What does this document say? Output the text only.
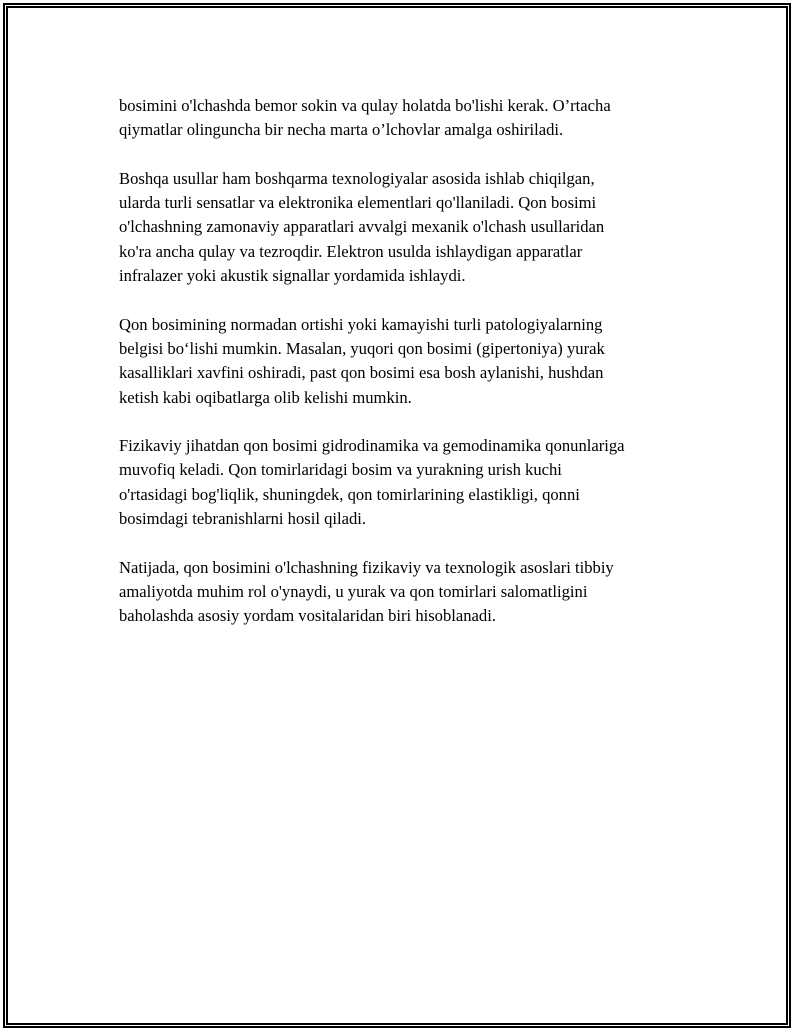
bosimini o'lchashda bemor sokin va qulay holatda bo'lishi kerak. O’rtacha
qiymatlar olinguncha bir necha marta o’lchovlar amalga oshiriladi.

Boshqa usullar ham boshqarma texnologiyalar asosida ishlab chiqilgan,
ularda turli sensatlar va elektronika elementlari qo'llaniladi. Qon bosimi
o'lchashning zamonaviy apparatlari avvalgi mexanik o'lchash usullaridan
ko'ra ancha qulay va tezroqdir. Elektron usulda ishlaydigan apparatlar
infralazer yoki akustik signallar yordamida ishlaydi.

Qon bosimining normadan ortishi yoki kamayishi turli patologiyalarning
belgisi bo‘lishi mumkin. Masalan, yuqori qon bosimi (gipertoniya) yurak
kasalliklari xavfini oshiradi, past qon bosimi esa bosh aylanishi, hushdan
ketish kabi oqibatlarga olib kelishi mumkin.

Fizikaviy jihatdan qon bosimi gidrodinamika va gemodinamika qonunlariga
muvofiq keladi. Qon tomirlaridagi bosim va yurakning urish kuchi
o'rtasidagi bog'liqlik, shuningdek, qon tomirlarining elastikligi, qonni
bosimdagi tebranishlarni hosil qiladi.

Natijada, qon bosimini o'lchashning fizikaviy va texnologik asoslari tibbiy
amaliyotda muhim rol o'ynaydi, u yurak va qon tomirlari salomatligini
baholashda asosiy yordam vositalaridan biri hisoblanadi.
